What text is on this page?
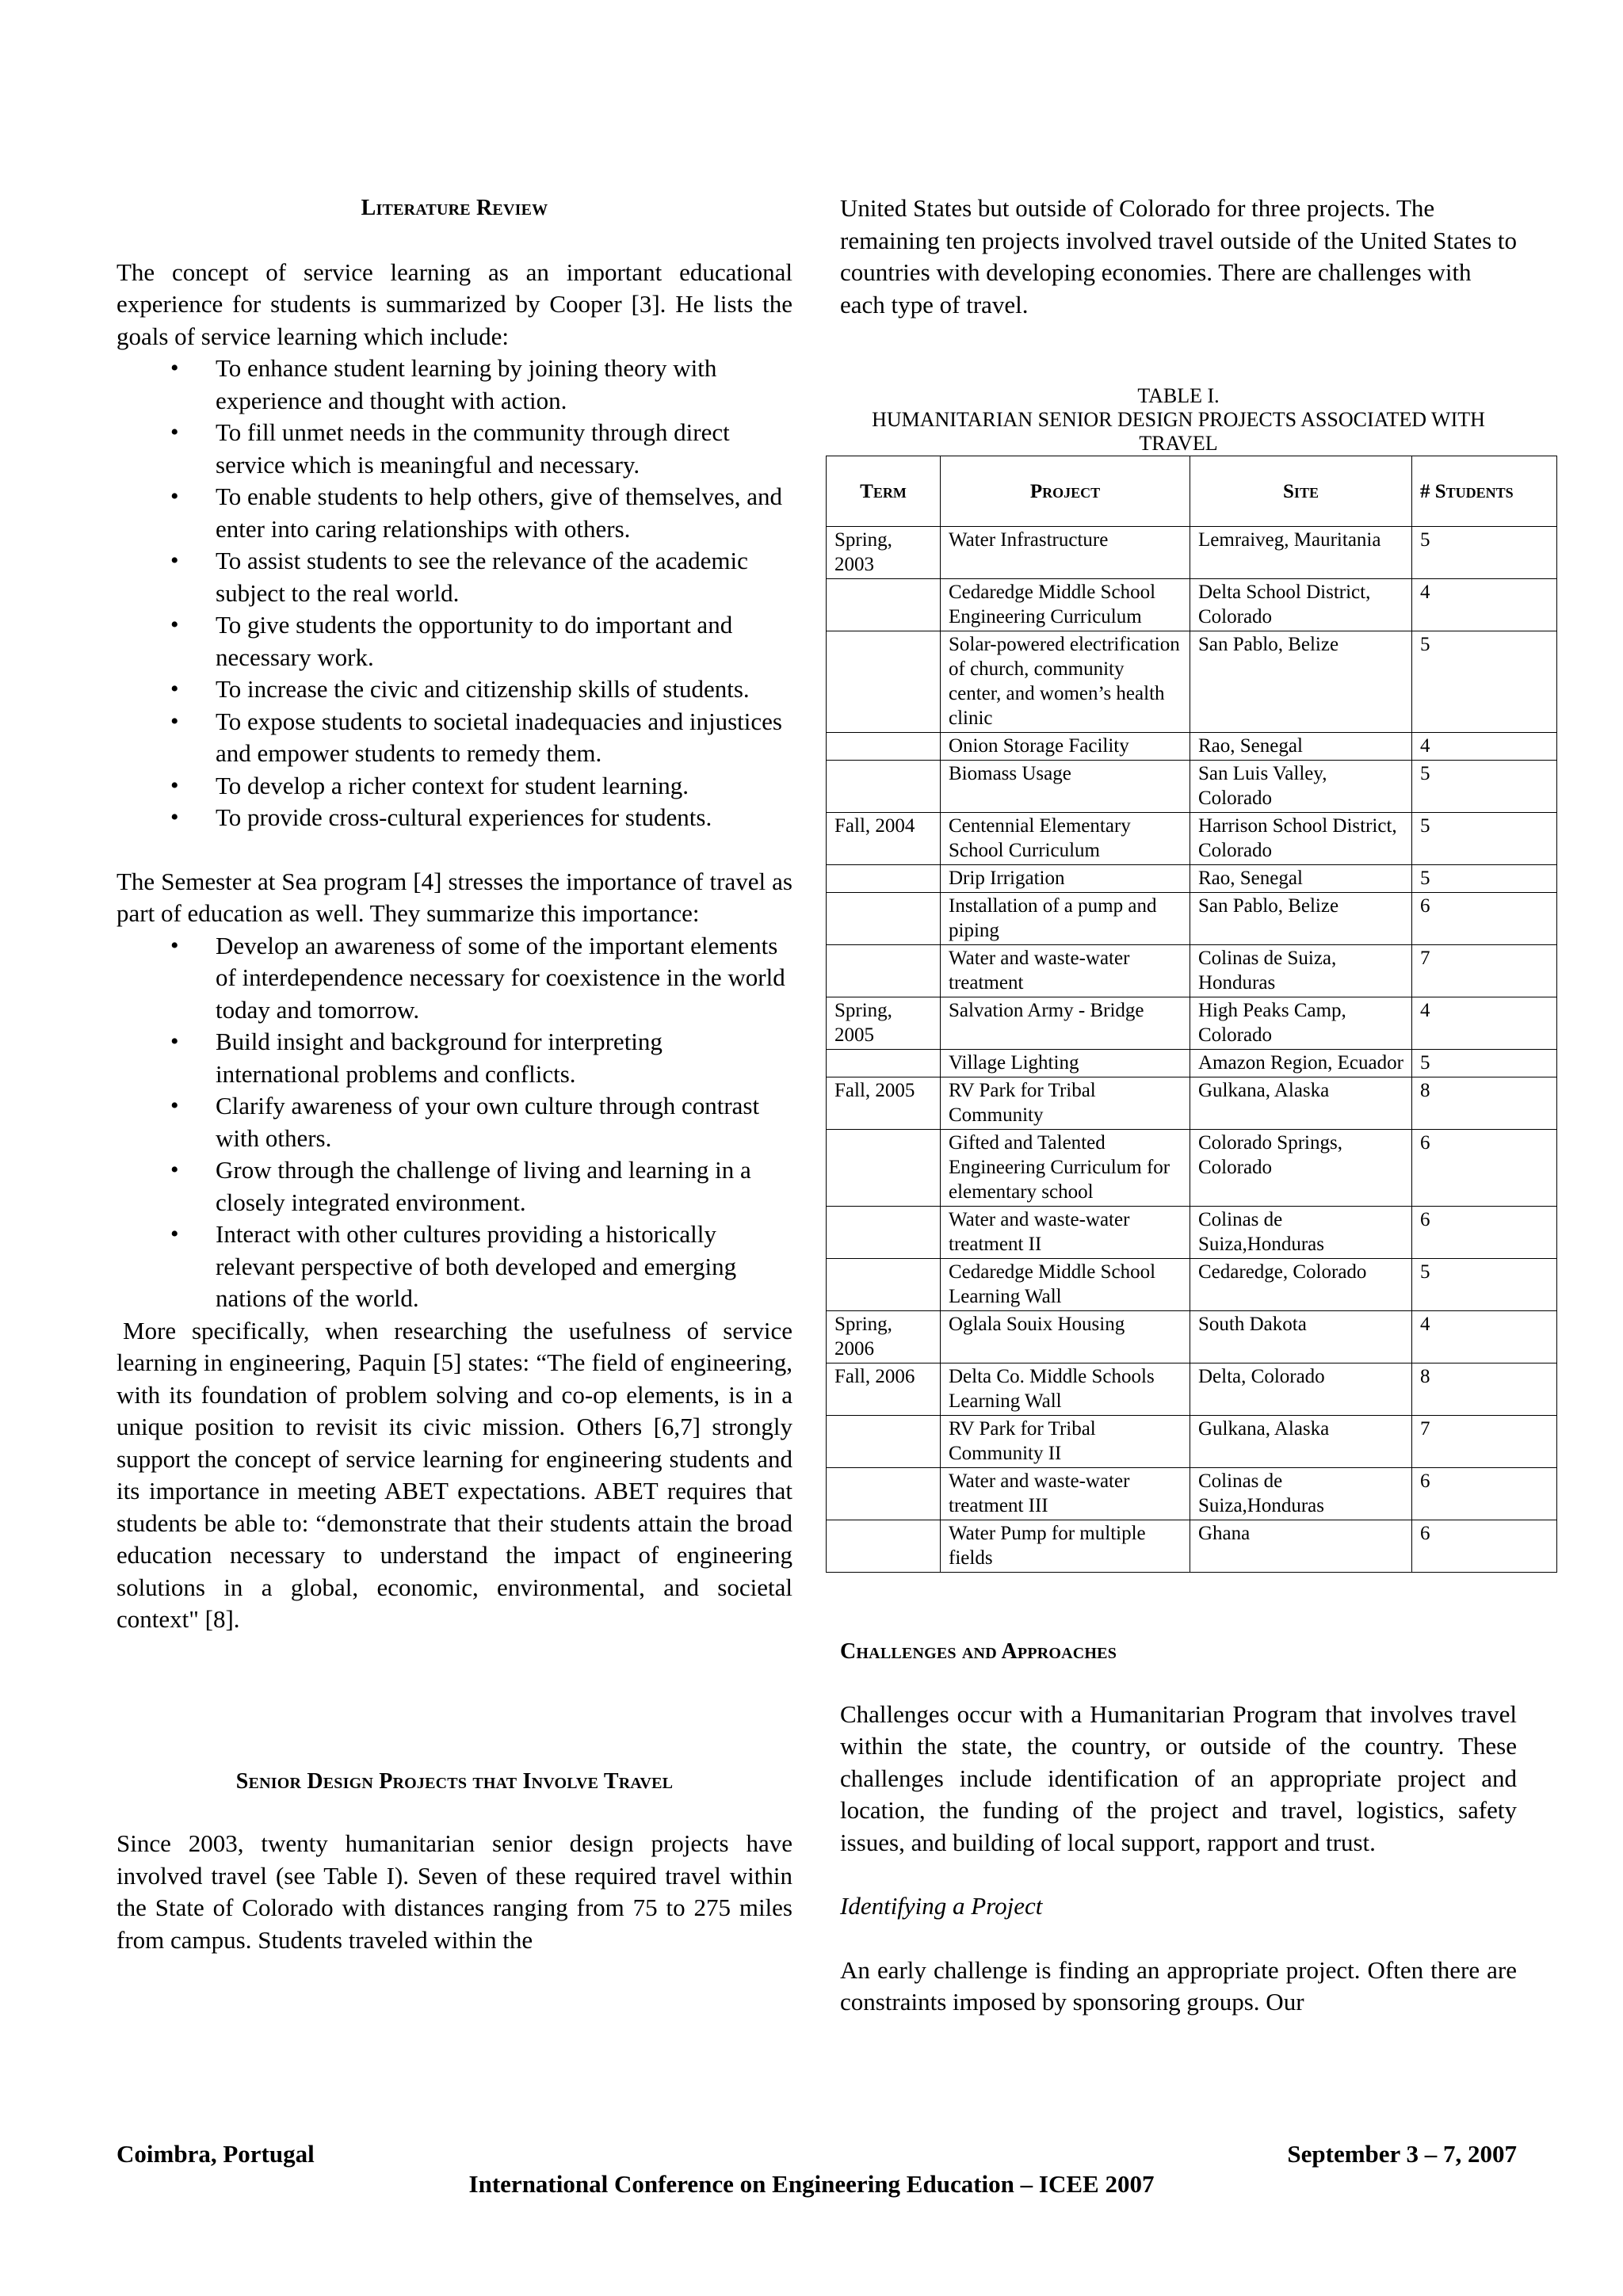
Literature Review

The concept of service learning as an important educational experience for students is summarized by Cooper [3]. He lists the goals of service learning which include:

• To enhance student learning by joining theory with experience and thought with action.
• To fill unmet needs in the community through direct service which is meaningful and necessary.
• To enable students to help others, give of themselves, and enter into caring relationships with others.
• To assist students to see the relevance of the academic subject to the real world.
• To give students the opportunity to do important and necessary work.
• To increase the civic and citizenship skills of students.
• To expose students to societal inadequacies and injustices and empower students to remedy them.
• To develop a richer context for student learning.
• To provide cross-cultural experiences for students.

The Semester at Sea program [4] stresses the importance of travel as part of education as well. They summarize this importance:

• Develop an awareness of some of the important elements of interdependence necessary for coexistence in the world today and tomorrow.
• Build insight and background for interpreting international problems and conflicts.
• Clarify awareness of your own culture through contrast with others.
• Grow through the challenge of living and learning in a closely integrated environment.
• Interact with other cultures providing a historically relevant perspective of both developed and emerging nations of the world.

More specifically, when researching the usefulness of service learning in engineering, Paquin [5] states: “The field of engineering, with its foundation of problem solving and co-op elements, is in a unique position to revisit its civic mission. Others [6,7] strongly support the concept of service learning for engineering students and its importance in meeting ABET expectations. ABET requires that students be able to: “demonstrate that their students attain the broad education necessary to understand the impact of engineering solutions in a global, economic, environmental, and societal context" [8].

Senior Design Projects that Involve Travel

Since 2003, twenty humanitarian senior design projects have involved travel (see Table I). Seven of these required travel within the State of Colorado with distances ranging from 75 to 275 miles from campus. Students traveled within the

United States but outside of Colorado for three projects. The remaining ten projects involved travel outside of the United States to countries with developing economies. There are challenges with each type of travel.

TABLE I.

HUMANITARIAN SENIOR DESIGN PROJECTS ASSOCIATED WITH TRAVEL

Term	Project	Site	# Students
Spring, 2003	Water Infrastructure	Lemraiveg, Mauritania	5
	Cedaredge Middle School Engineering Curriculum	Delta School District, Colorado	4
	Solar-powered electrification of church, community center, and women’s health clinic	San Pablo, Belize	5
	Onion Storage Facility	Rao, Senegal	4
	Biomass Usage	San Luis Valley, Colorado	5
Fall, 2004	Centennial Elementary School Curriculum	Harrison School District, Colorado	5
	Drip Irrigation	Rao, Senegal	5
	Installation of a pump and piping	San Pablo, Belize	6
	Water and waste-water treatment	Colinas de Suiza, Honduras	7
Spring, 2005	Salvation Army - Bridge	High Peaks Camp, Colorado	4
	Village Lighting	Amazon Region, Ecuador	5
Fall, 2005	RV Park for Tribal Community	Gulkana, Alaska	8
	Gifted and Talented Engineering Curriculum for elementary school	Colorado Springs, Colorado	6
	Water and waste-water treatment II	Colinas de Suiza,Honduras	6
	Cedaredge Middle School Learning Wall	Cedaredge, Colorado	5
Spring, 2006	Oglala Souix Housing	South Dakota	4
Fall, 2006	Delta Co. Middle Schools Learning Wall	Delta, Colorado	8
	RV Park for Tribal Community II	Gulkana, Alaska	7
	Water and waste-water treatment III	Colinas de Suiza,Honduras	6
	Water Pump for multiple fields	Ghana	6

Challenges and Approaches

Challenges occur with a Humanitarian Program that involves travel within the state, the country, or outside of the country. These challenges include identification of an appropriate project and location, the funding of the project and travel, logistics, safety issues, and building of local support, rapport and trust.

Identifying a Project

An early challenge is finding an appropriate project. Often there are constraints imposed by sponsoring groups. Our

Coimbra, Portugal	September 3 – 7, 2007
International Conference on Engineering Education – ICEE 2007
